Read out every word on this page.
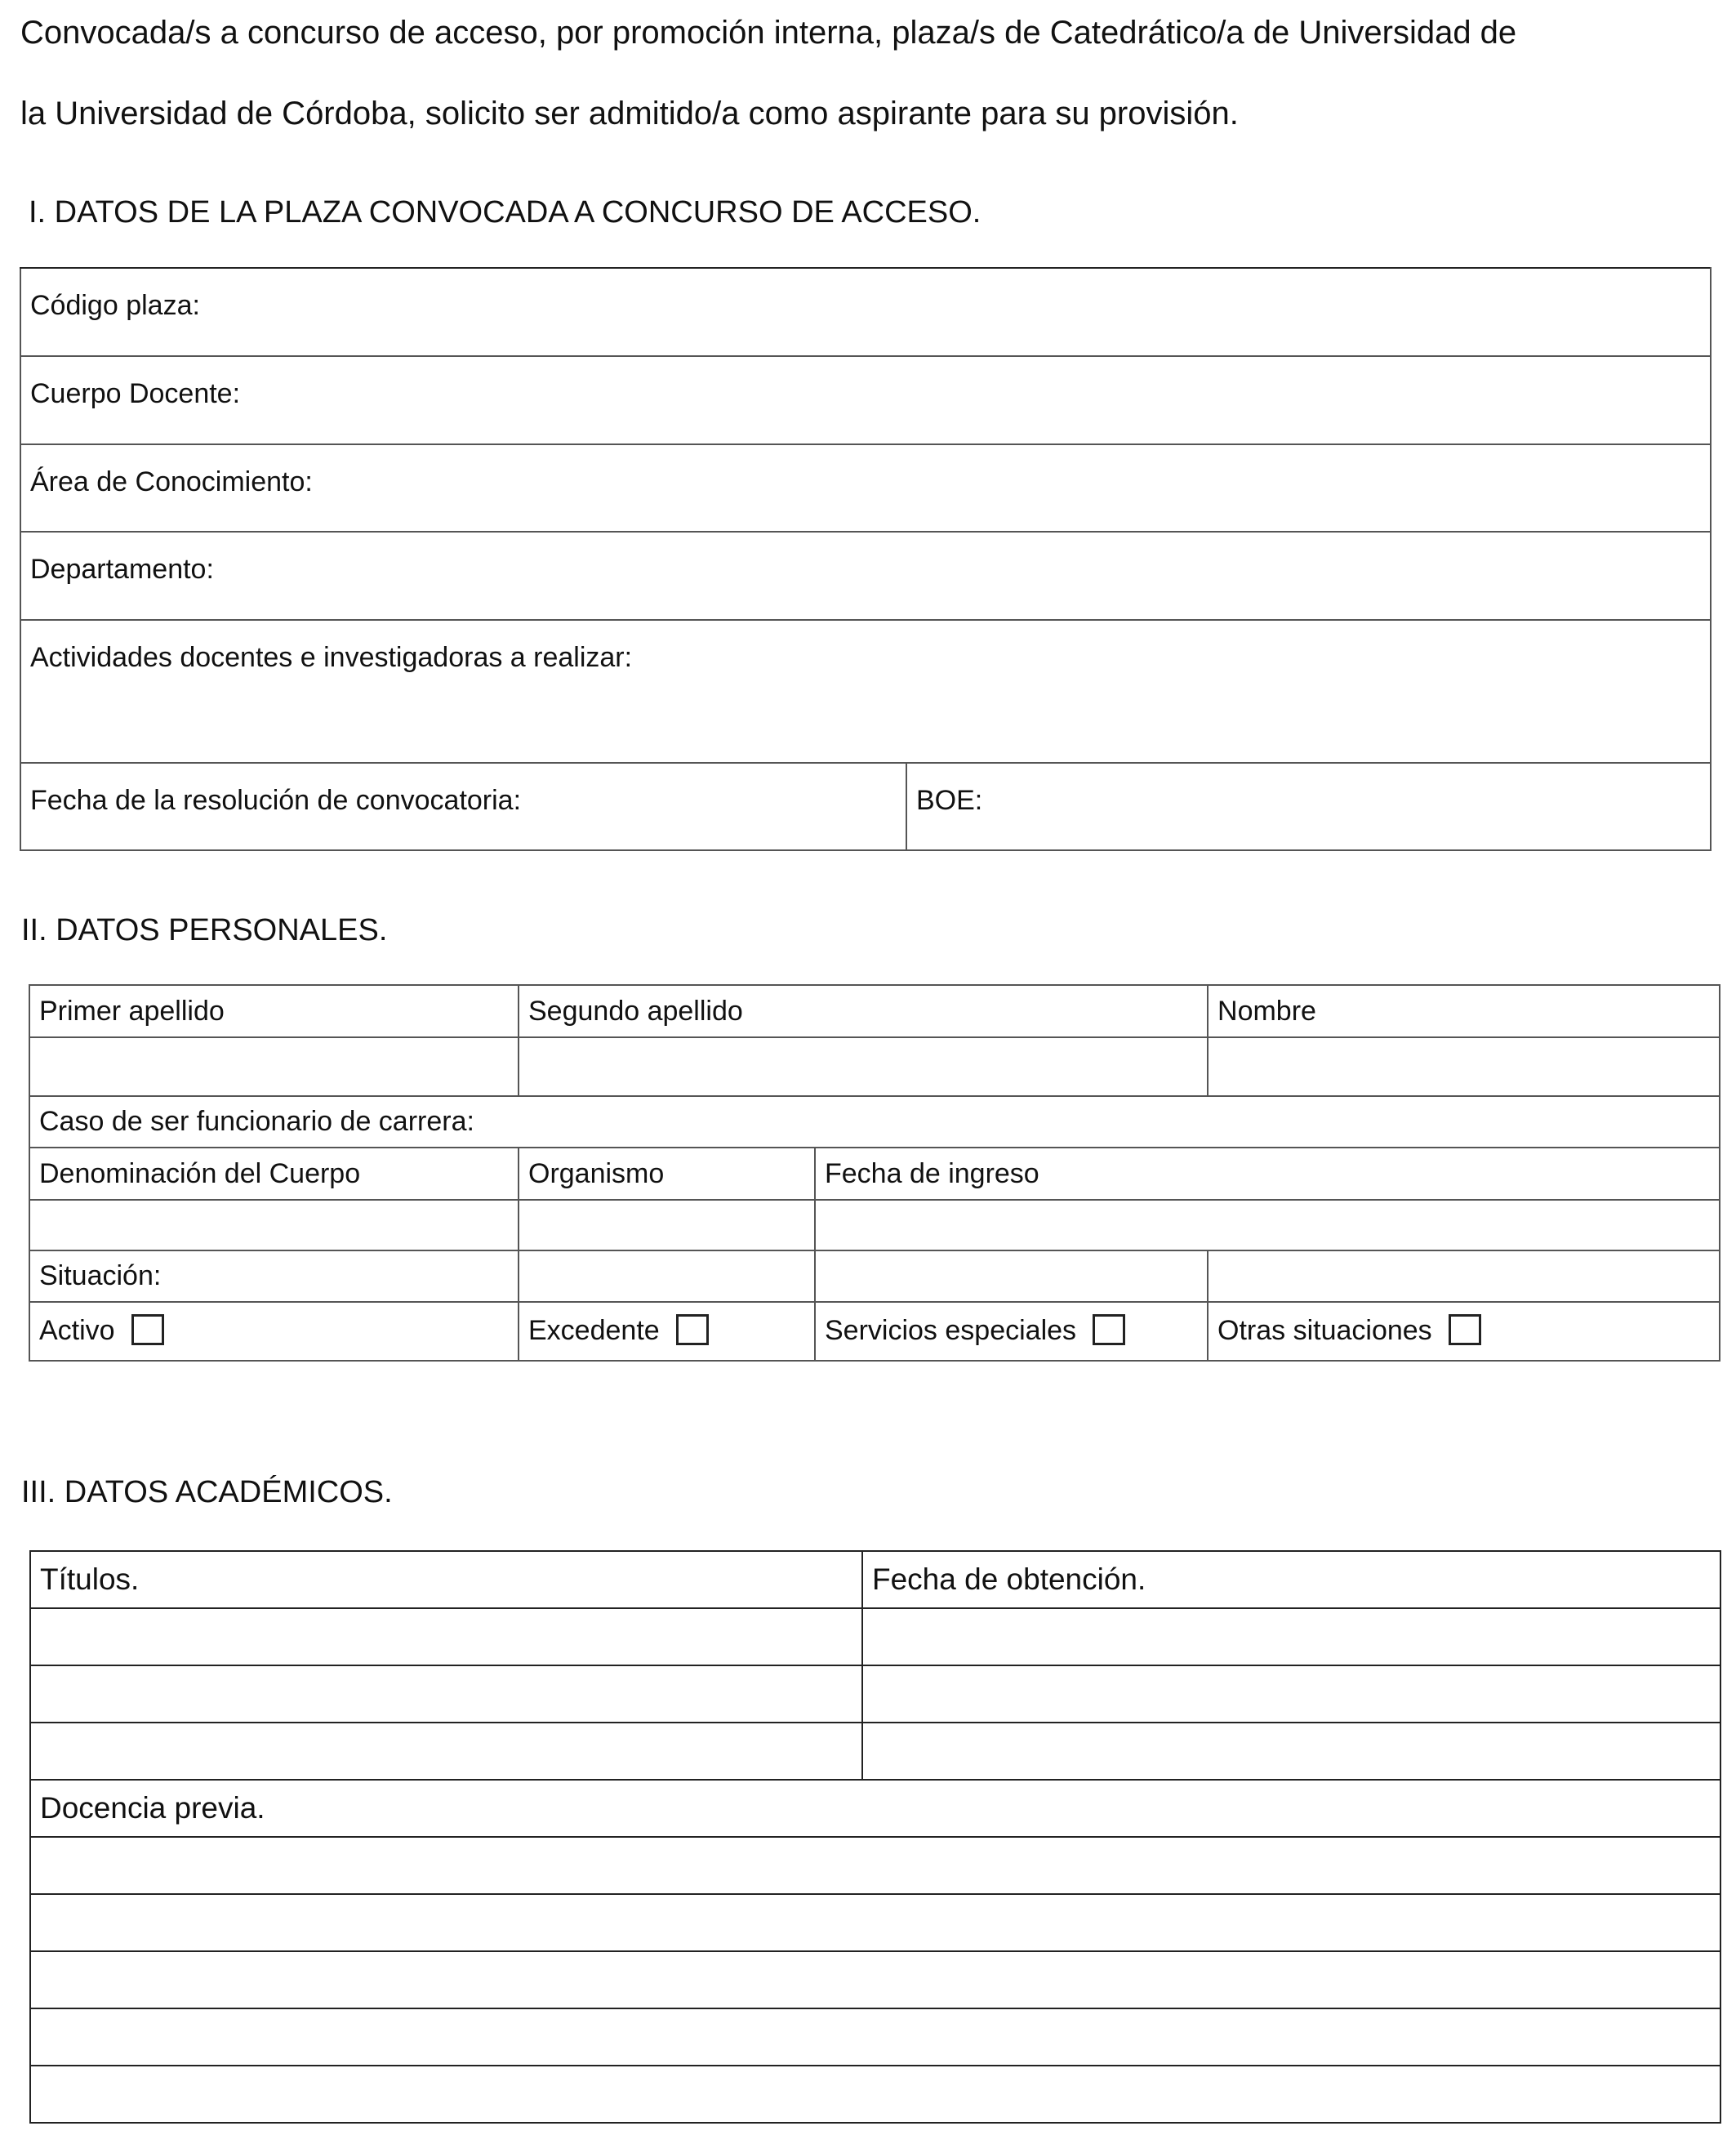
Convocada/s a concurso de acceso, por promoción interna, plaza/s de Catedrático/a de Universidad de
la Universidad de Córdoba, solicito ser admitido/a como aspirante para su provisión.
I. DATOS DE LA PLAZA CONVOCADA A CONCURSO DE ACCESO.
Código plaza:
Cuerpo Docente:
Área de Conocimiento:
Departamento:
Actividades docentes e investigadoras a realizar:
Fecha de la resolución de convocatoria:	BOE:
II. DATOS PERSONALES.
Primer apellido	Segundo apellido		Nombre

Caso de ser funcionario de carrera:			
Denominación del Cuerpo	Organismo	Fecha de ingreso	

Situación:			
Activo	Excedente	Servicios especiales	Otras situaciones
III. DATOS ACADÉMICOS.
Títulos.	Fecha de obtención.

Docencia previa.	
